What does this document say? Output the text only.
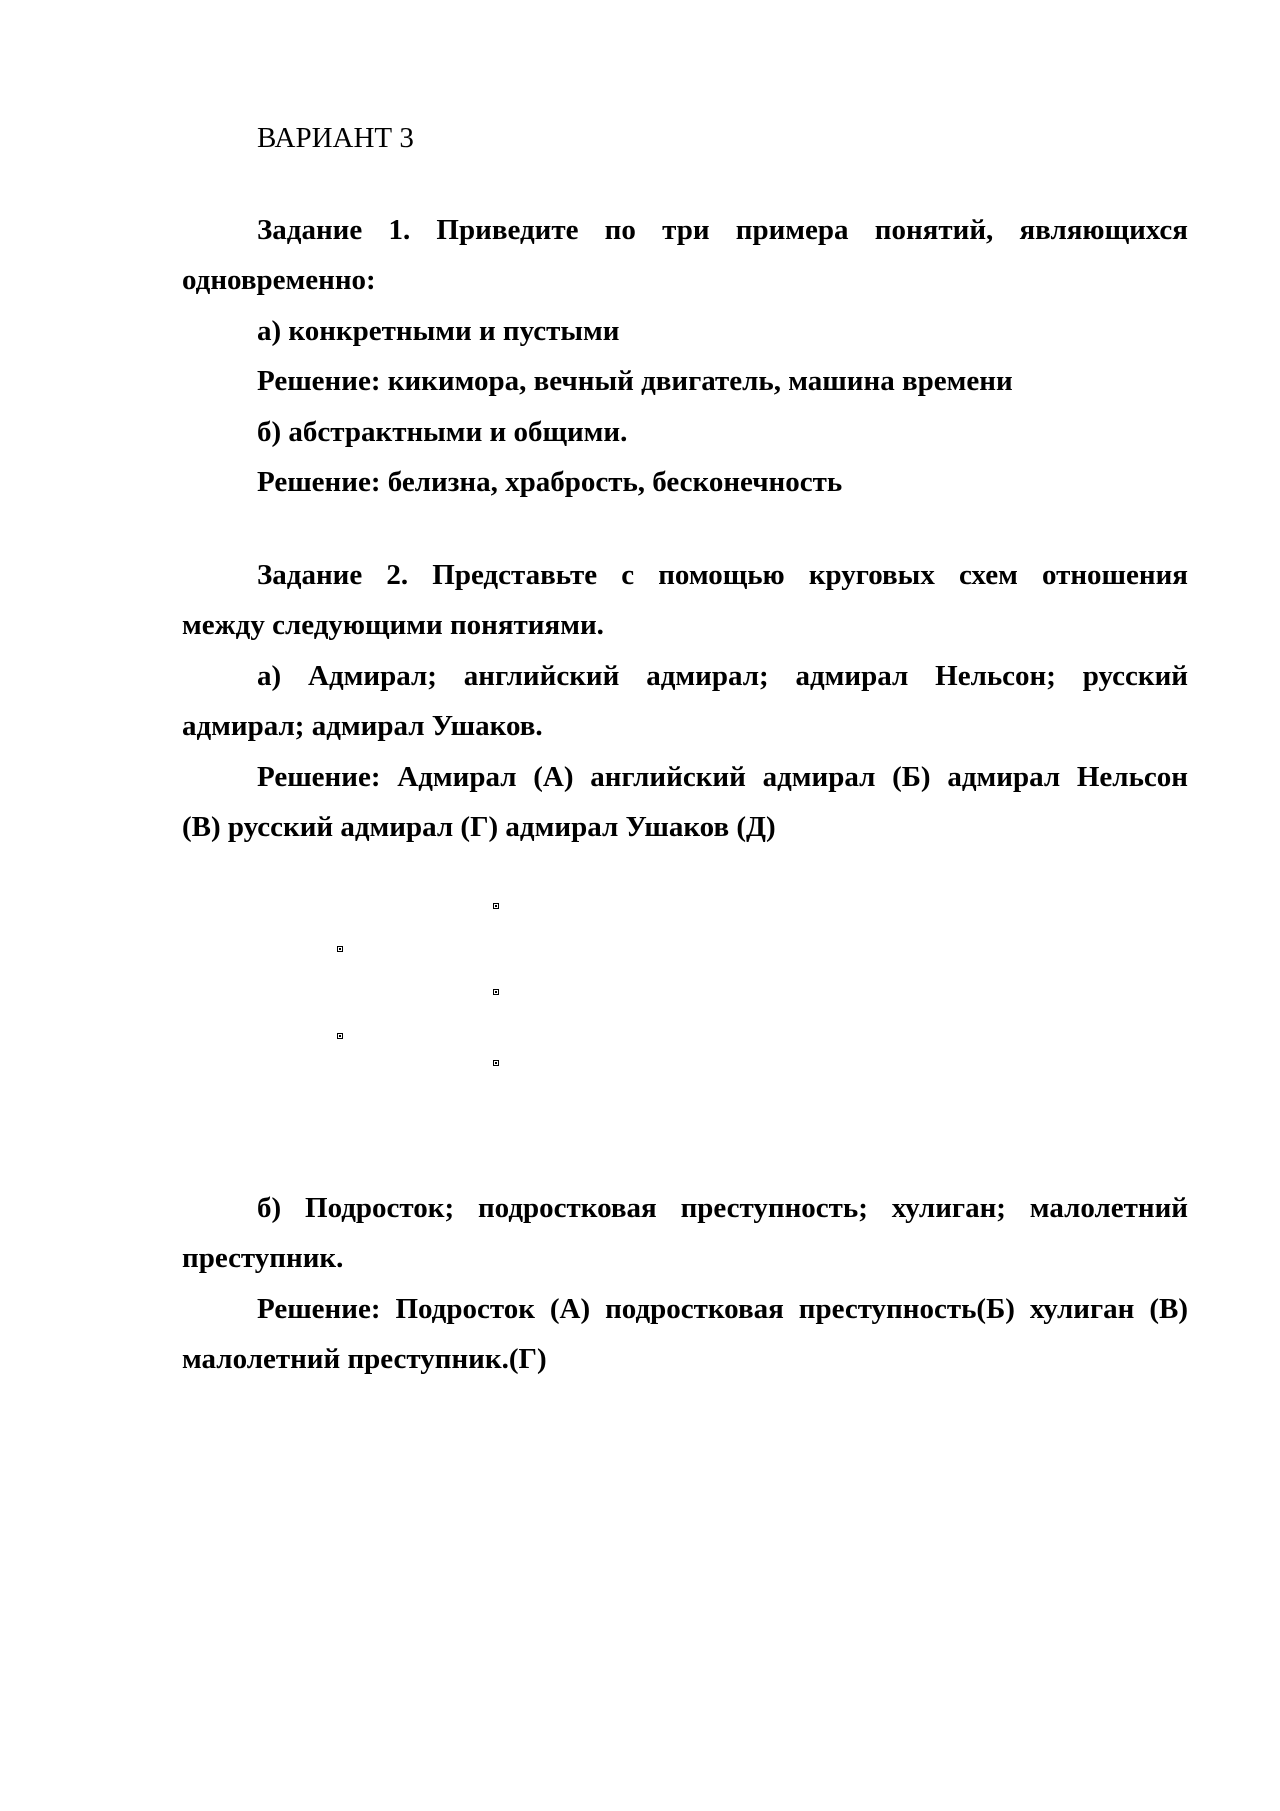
ВАРИАНТ 3
Задание 1. Приведите по три примера понятий, являющихся
одновременно:
а) конкретными и пустыми
Решение: кикимора, вечный двигатель, машина времени
б) абстрактными и общими.
Решение: белизна, храбрость, бесконечность
Задание 2. Представьте с помощью круговых схем отношения
между следующими понятиями.
а) Адмирал; английский адмирал; адмирал Нельсон; русский
адмирал; адмирал Ушаков.
Решение: Адмирал (А) английский адмирал (Б) адмирал Нельсон
(В) русский адмирал (Г) адмирал Ушаков (Д)
б) Подросток; подростковая преступность; хулиган; малолетний
преступник.
Решение: Подросток (А) подростковая преступность(Б) хулиган (В)
малолетний преступник.(Г)
